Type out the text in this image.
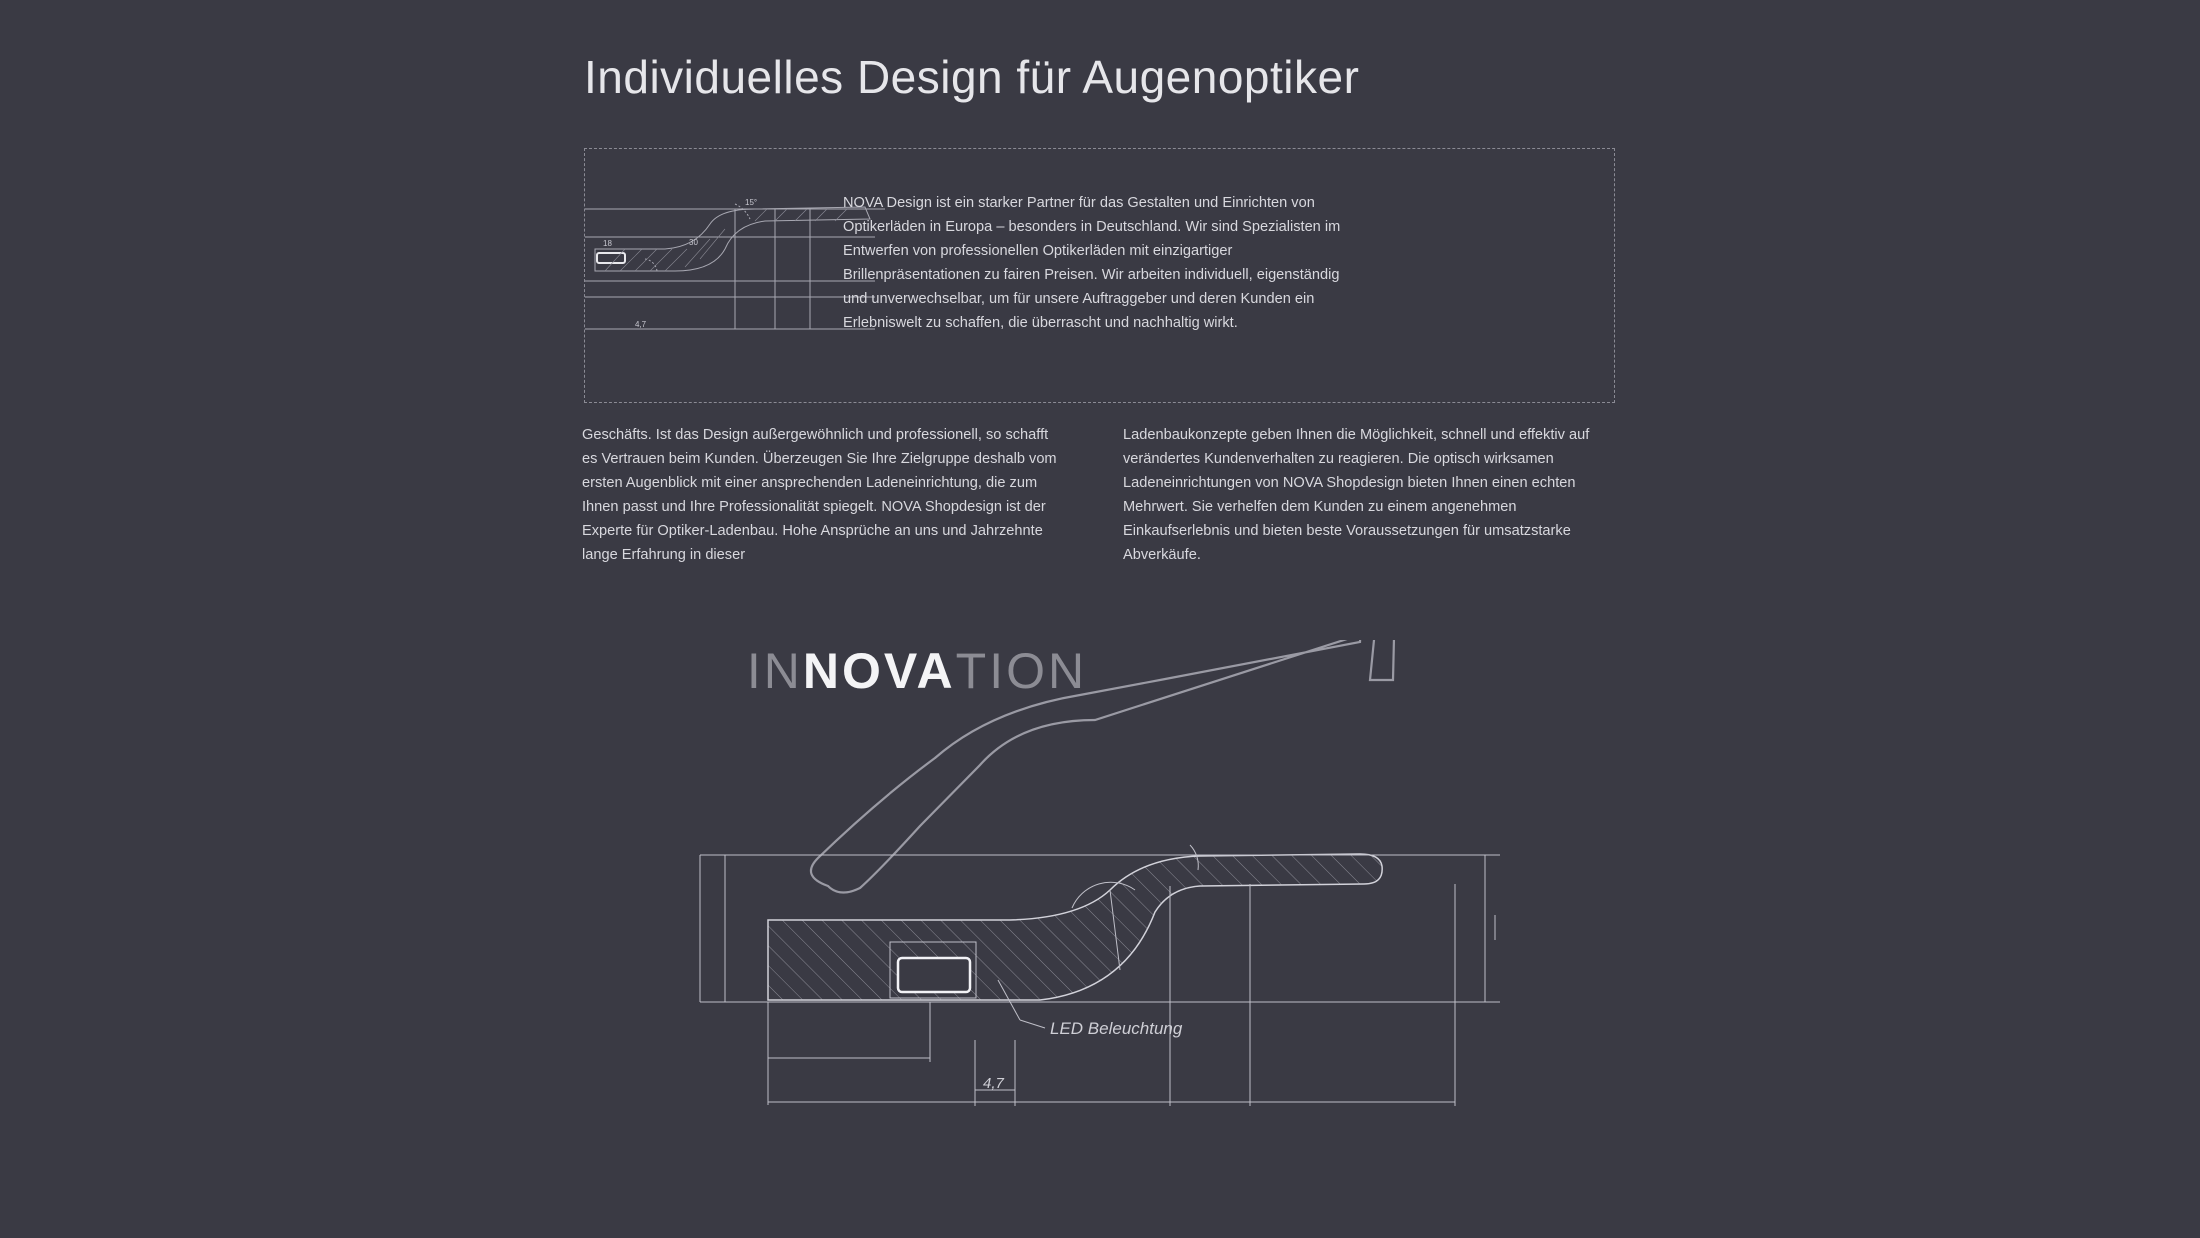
Individuelles Design für Augenoptiker
15°
18	30
4,7

NOVA Design ist ein starker Partner für das Gestalten und Einrichten von Optikerläden in Europa – besonders in Deutschland. Wir sind Spezialisten im Entwerfen von professionellen Optikerläden mit einzigartiger Brillenpräsentationen zu fairen Preisen. Wir arbeiten individuell, eigenständig und unverwechselbar, um für unsere Auftraggeber und deren Kunden ein Erlebniswelt zu schaffen, die überrascht und nachhaltig wirkt.

Geschäfts. Ist das Design außergewöhnlich und professionell, so schafft es Vertrauen beim Kunden. Überzeugen Sie Ihre Zielgruppe deshalb vom ersten Augenblick mit einer ansprechenden Ladeneinrichtung, die zum Ihnen passt und Ihre Professionalität spiegelt. NOVA Shopdesign ist der Experte für Optiker-Ladenbau. Hohe Ansprüche an uns und Jahrzehnte lange Erfahrung in dieser

Ladenbaukonzepte geben Ihnen die Möglichkeit, schnell und effektiv auf verändertes Kundenverhalten zu reagieren. Die optisch wirksamen Ladeneinrichtungen von NOVA Shopdesign bieten Ihnen einen echten Mehrwert. Sie verhelfen dem Kunden zu einem angenehmen Einkaufserlebnis und bieten beste Voraussetzungen für umsatzstarke Abverkäufe.

INNOVATION
LED Beleuchtung
4,7
